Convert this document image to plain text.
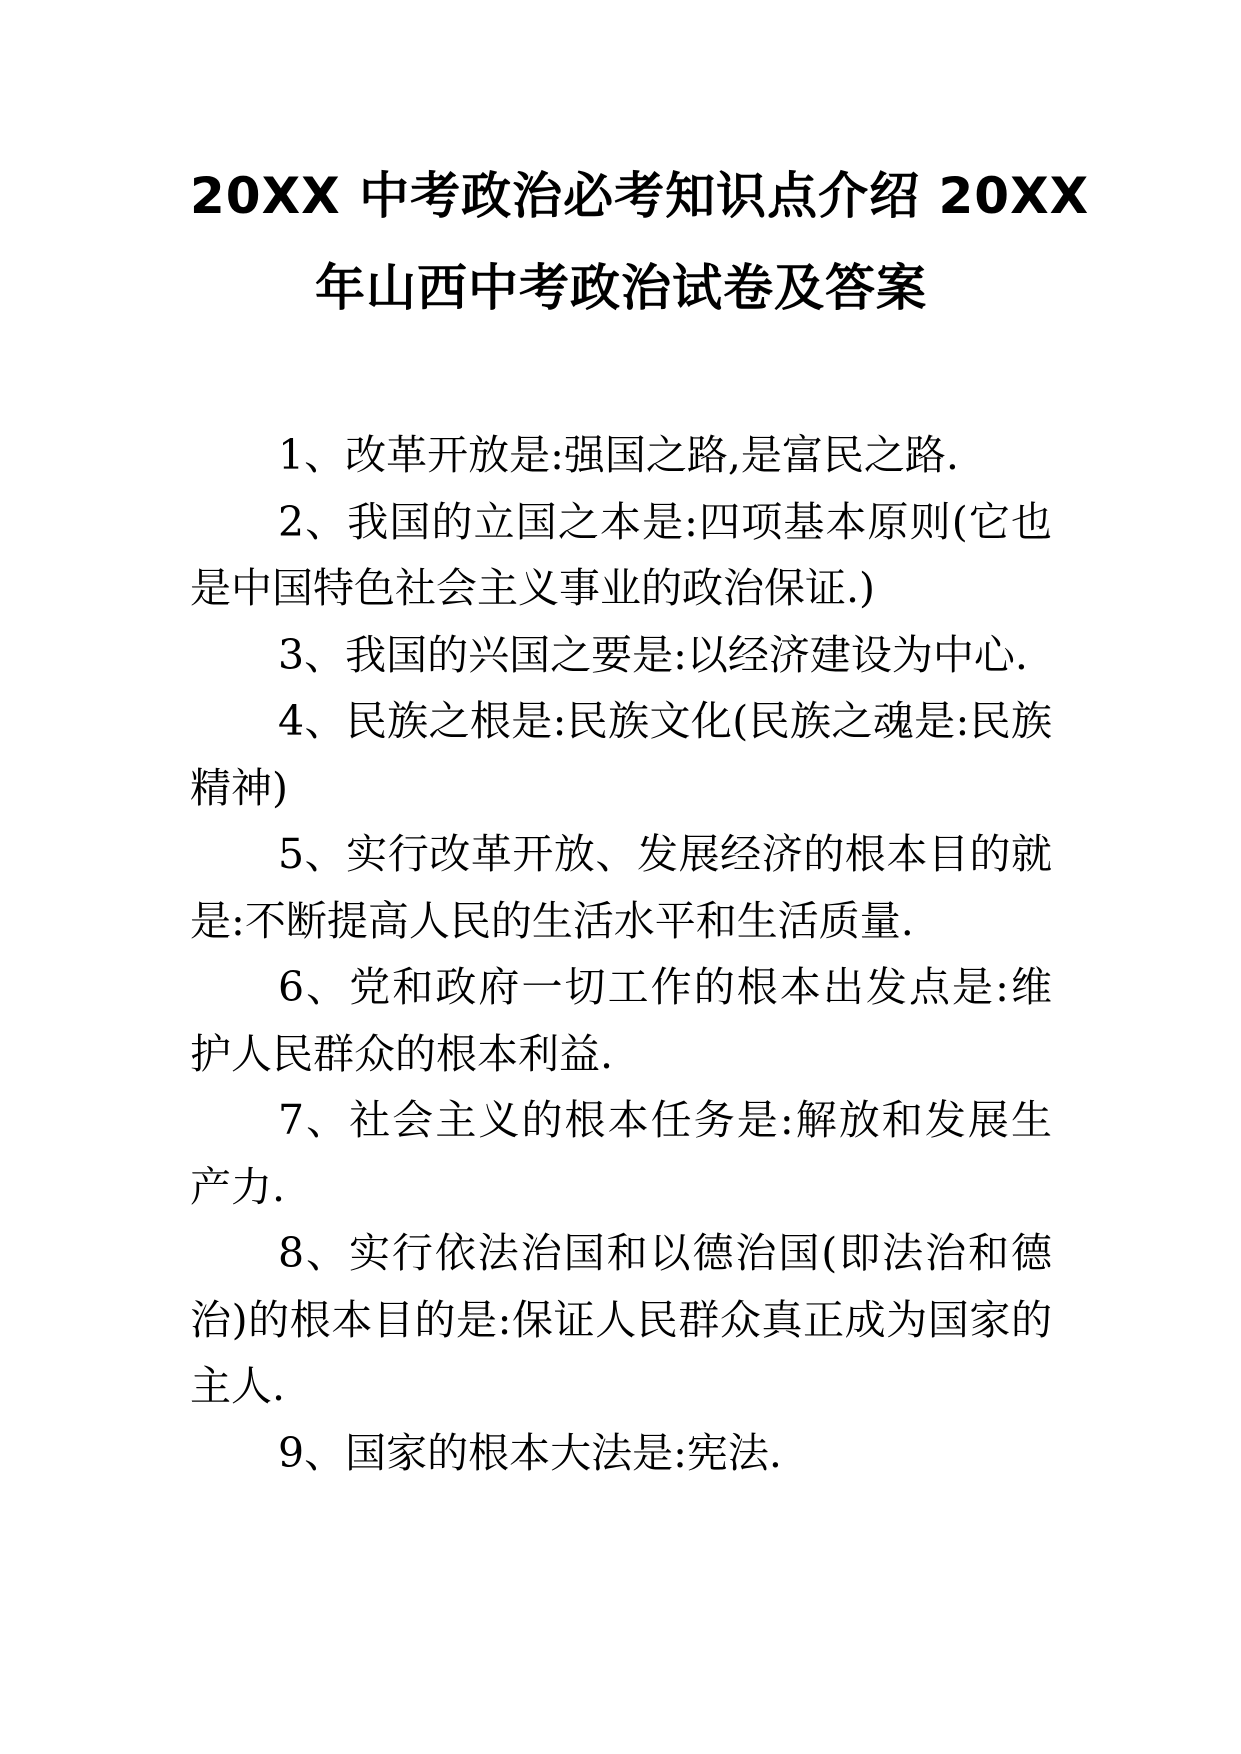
20XX 中考政治必考知识点介绍 20XX
年山西中考政治试卷及答案

1、改革开放是:强国之路,是富民之路.

2、我国的立国之本是:四项基本原则(它也是中国特色社会主义事业的政治保证.)

3、我国的兴国之要是:以经济建设为中心.

4、民族之根是:民族文化(民族之魂是:民族精神)

5、实行改革开放、发展经济的根本目的就是:不断提高人民的生活水平和生活质量.

6、党和政府一切工作的根本出发点是:维护人民群众的根本利益.

7、社会主义的根本任务是:解放和发展生产力.

8、实行依法治国和以德治国(即法治和德治)的根本目的是:保证人民群众真正成为国家的主人.

9、国家的根本大法是:宪法.
